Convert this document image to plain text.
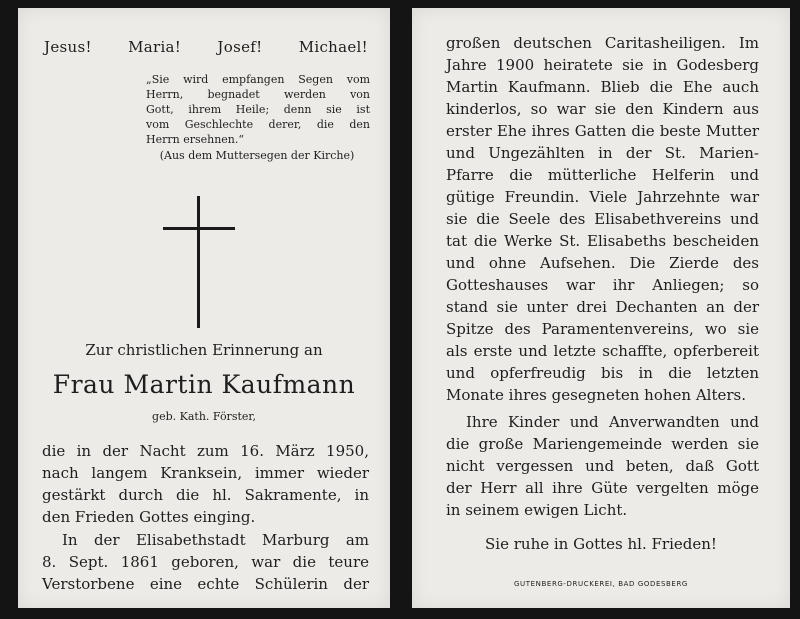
Jesus! Maria! Josef! Michael!
„Sie wird empfangen Segen vom
Herrn, begnadet werden von
Gott, ihrem Heile; denn sie ist
vom Geschlechte derer, die den
Herrn ersehnen.“
(Aus dem Muttersegen der Kirche)
Zur christlichen Erinnerung an
Frau Martin Kaufmann
geb. Kath. Förster,
die in der Nacht zum 16. März 1950,
nach langem Kranksein, immer wieder
gestärkt durch die hl. Sakramente, in
den Frieden Gottes einging.
In der Elisabethstadt Marburg am
8. Sept. 1861 geboren, war die teure
Verstorbene eine echte Schülerin der
großen deutschen Caritasheiligen. Im
Jahre 1900 heiratete sie in Godesberg
Martin Kaufmann. Blieb die Ehe auch
kinderlos, so war sie den Kindern aus
erster Ehe ihres Gatten die beste Mutter
und Ungezählten in der St. Marien-
Pfarre die mütterliche Helferin und
gütige Freundin. Viele Jahrzehnte war
sie die Seele des Elisabethvereins und
tat die Werke St. Elisabeths bescheiden
und ohne Aufsehen. Die Zierde des
Gotteshauses war ihr Anliegen; so
stand sie unter drei Dechanten an der
Spitze des Paramentenvereins, wo sie
als erste und letzte schaffte, opferbereit
und opferfreudig bis in die letzten
Monate ihres gesegneten hohen Alters.
Ihre Kinder und Anverwandten und
die große Mariengemeinde werden sie
nicht vergessen und beten, daß Gott
der Herr all ihre Güte vergelten möge
in seinem ewigen Licht.
Sie ruhe in Gottes hl. Frieden!
GUTENBERG-DRUCKEREI, BAD GODESBERG
